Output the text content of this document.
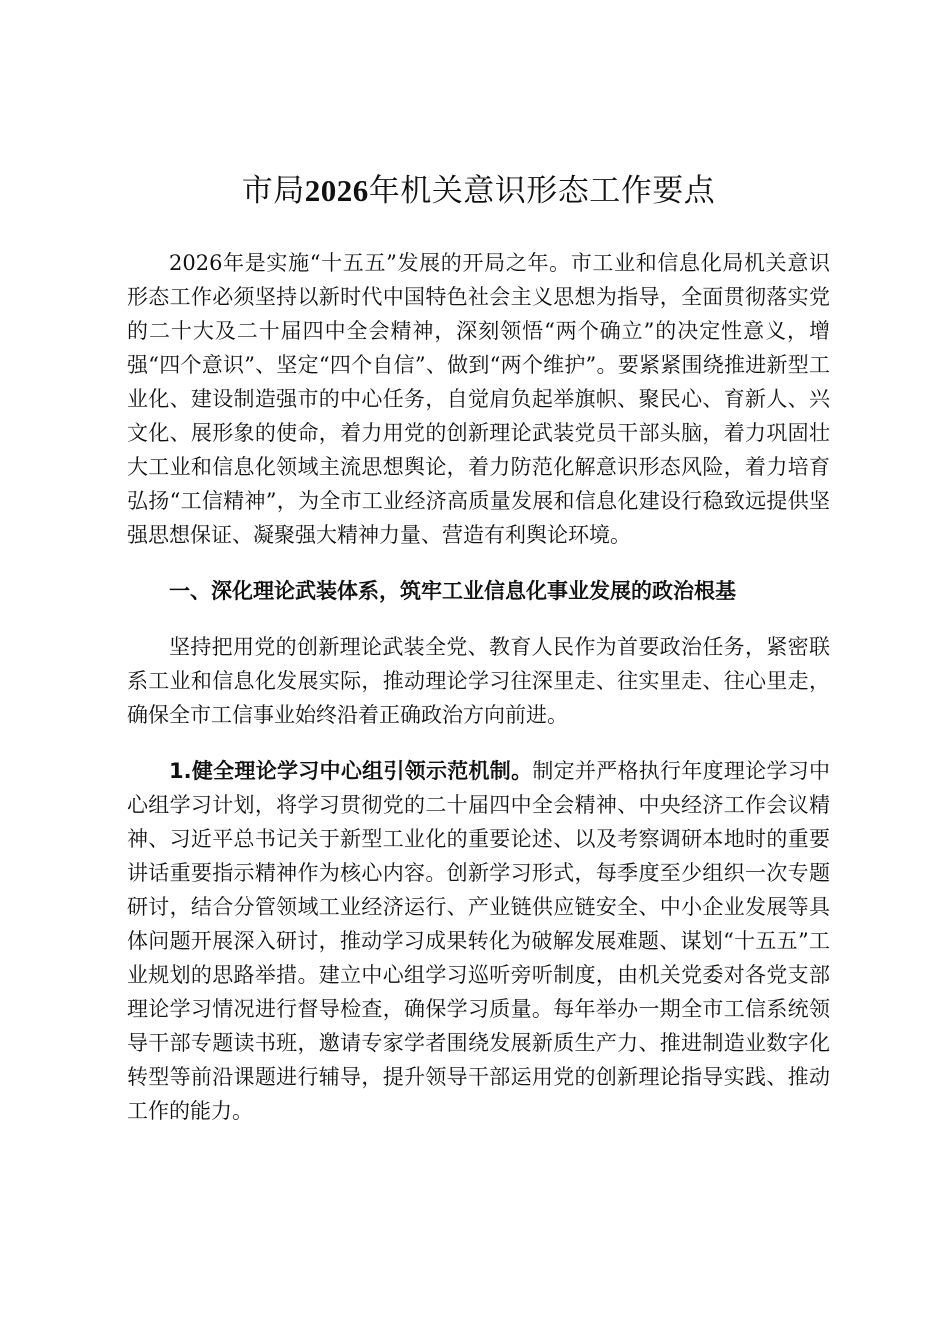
市局2026年机关意识形态工作要点

2026年是实施“十五五”发展的开局之年。市工业和信息化局机关意识形态工作必须坚持以新时代中国特色社会主义思想为指导，全面贯彻落实党的二十大及二十届四中全会精神，深刻领悟“两个确立”的决定性意义，增强“四个意识”、坚定“四个自信”、做到“两个维护”。要紧紧围绕推进新型工业化、建设制造强市的中心任务，自觉肩负起举旗帜、聚民心、育新人、兴文化、展形象的使命，着力用党的创新理论武装党员干部头脑，着力巩固壮大工业和信息化领域主流思想舆论，着力防范化解意识形态风险，着力培育弘扬“工信精神”，为全市工业经济高质量发展和信息化建设行稳致远提供坚强思想保证、凝聚强大精神力量、营造有利舆论环境。

一、深化理论武装体系，筑牢工业信息化事业发展的政治根基

坚持把用党的创新理论武装全党、教育人民作为首要政治任务，紧密联系工业和信息化发展实际，推动理论学习往深里走、往实里走、往心里走，确保全市工信事业始终沿着正确政治方向前进。

1.健全理论学习中心组引领示范机制。制定并严格执行年度理论学习中心组学习计划，将学习贯彻党的二十届四中全会精神、中央经济工作会议精神、习近平总书记关于新型工业化的重要论述、以及考察调研本地时的重要讲话重要指示精神作为核心内容。创新学习形式，每季度至少组织一次专题研讨，结合分管领域工业经济运行、产业链供应链安全、中小企业发展等具体问题开展深入研讨，推动学习成果转化为破解发展难题、谋划“十五五”工业规划的思路举措。建立中心组学习巡听旁听制度，由机关党委对各党支部理论学习情况进行督导检查，确保学习质量。每年举办一期全市工信系统领导干部专题读书班，邀请专家学者围绕发展新质生产力、推进制造业数字化转型等前沿课题进行辅导，提升领导干部运用党的创新理论指导实践、推动工作的能力。
